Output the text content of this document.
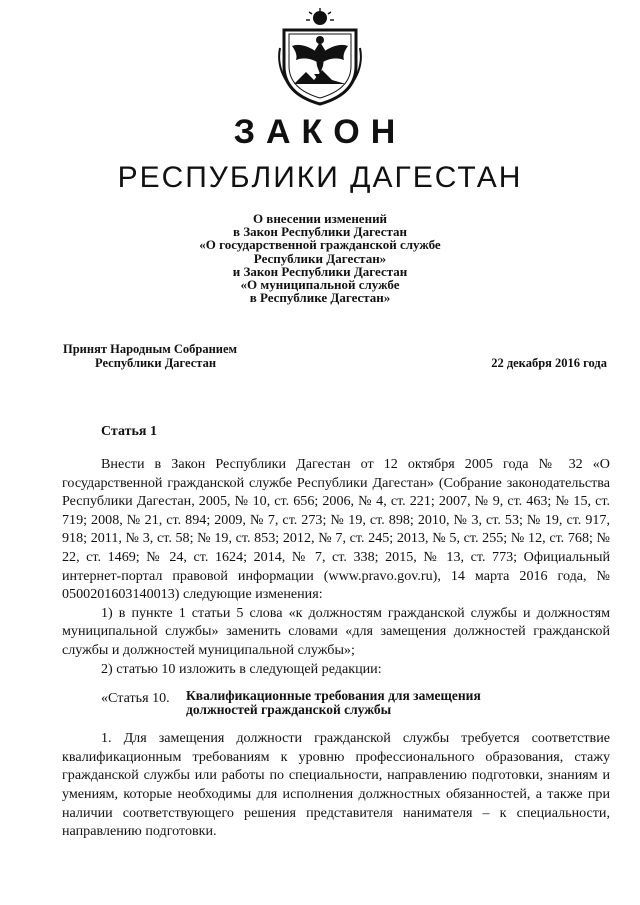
ЗАКОН
РЕСПУБЛИКИ ДАГЕСТАН
О внесении изменений
в Закон Республики Дагестан
«О государственной гражданской службе
Республики Дагестан»
и Закон Республики Дагестан
«О муниципальной службе
в Республике Дагестан»
Принят Народным Собранием
Республики Дагестан	22 декабря 2016 года
Статья 1

Внести в Закон Республики Дагестан от 12 октября 2005 года № 32 «О государственной гражданской службе Республики Дагестан» (Собрание законодательства Республики Дагестан, 2005, № 10, ст. 656; 2006, № 4, ст. 221; 2007, № 9, ст. 463; № 15, ст. 719; 2008, № 21, ст. 894; 2009, № 7, ст. 273; № 19, ст. 898; 2010, № 3, ст. 53; № 19, ст. 917, 918; 2011, № 3, ст. 58; № 19, ст. 853; 2012, № 7, ст. 245; 2013, № 5, ст. 255; № 12, ст. 768; № 22, ст. 1469; № 24, ст. 1624; 2014, № 7, ст. 338; 2015, № 13, ст. 773; Официальный интернет-портал правовой информации (www.pravo.gov.ru), 14 марта 2016 года, № 0500201603140013) следующие изменения:

1) в пункте 1 статьи 5 слова «к должностям гражданской службы и должностям муниципальной службы» заменить словами «для замещения должностей гражданской службы и должностей муниципальной службы»;

2) статью 10 изложить в следующей редакции:

«Статья 10.	Квалификационные требования для замещения
должностей гражданской службы

1. Для замещения должности гражданской службы требуется соответствие квалификационным требованиям к уровню профессионального образования, стажу гражданской службы или работы по специальности, направлению подготовки, знаниям и умениям, которые необходимы для исполнения должностных обязанностей, а также при наличии соответствующего решения представителя нанимателя – к специальности, направлению подготовки.
